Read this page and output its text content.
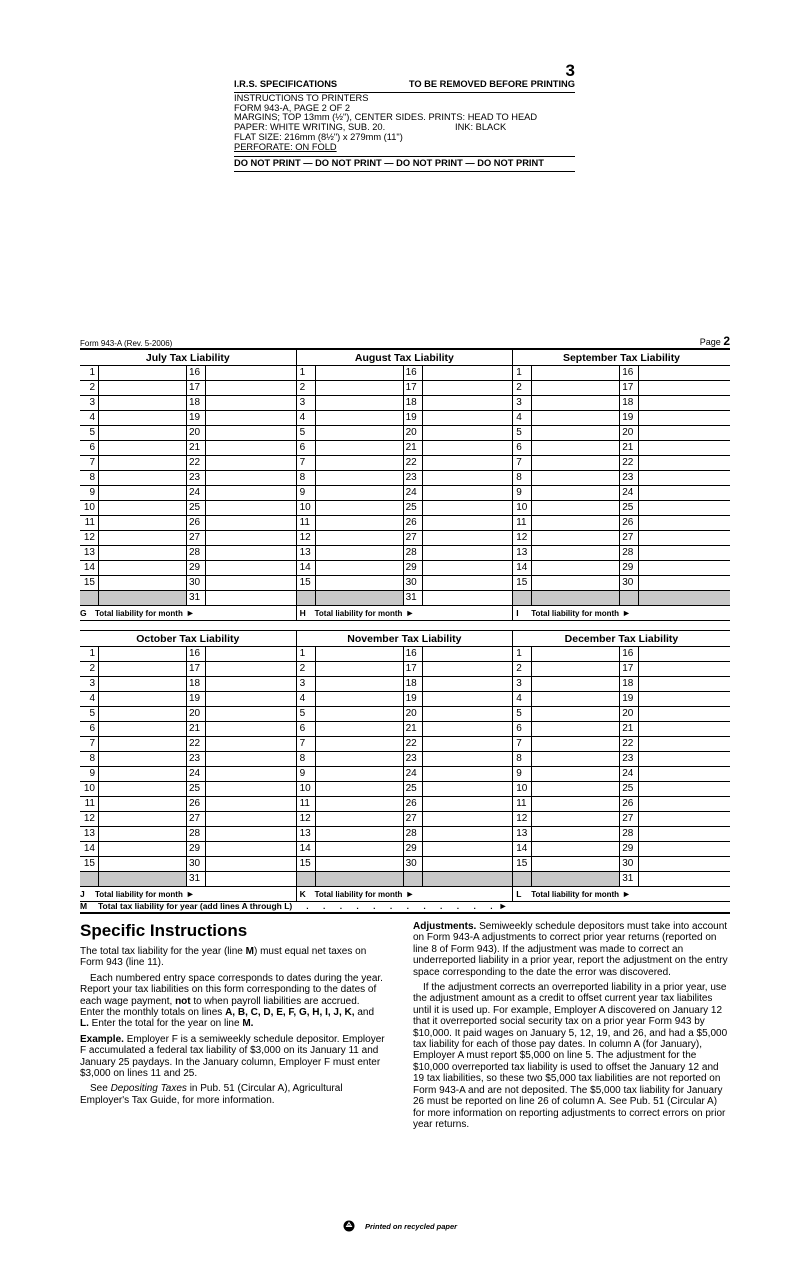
3
I.R.S. SPECIFICATIONS	TO BE REMOVED BEFORE PRINTING
INSTRUCTIONS TO PRINTERS
FORM 943-A, PAGE 2 OF 2
MARGINS; TOP 13mm (½"), CENTER SIDES. PRINTS: HEAD TO HEAD
PAPER: WHITE WRITING, SUB. 20.	INK: BLACK
FLAT SIZE: 216mm (8½") x 279mm (11")
PERFORATE: ON FOLD
DO NOT PRINT — DO NOT PRINT — DO NOT PRINT — DO NOT PRINT
Form 943-A (Rev. 5-2006)	Page 2
July Tax Liability
1	16
2	17
3	18
4	19
5	20
6	21
7	22
8	23
9	24
10	25
11	26
12	27
13	28
14	29
15	30
31
G	Total liability for month ►
August Tax Liability
1	16
2	17
3	18
4	19
5	20
6	21
7	22
8	23
9	24
10	25
11	26
12	27
13	28
14	29
15	30
31
H	Total liability for month ►
September Tax Liability
1	16
2	17
3	18
4	19
5	20
6	21
7	22
8	23
9	24
10	25
11	26
12	27
13	28
14	29
15	30
I	Total liability for month ►
October Tax Liability
1	16
2	17
3	18
4	19
5	20
6	21
7	22
8	23
9	24
10	25
11	26
12	27
13	28
14	29
15	30
31
J	Total liability for month ►
November Tax Liability
1	16
2	17
3	18
4	19
5	20
6	21
7	22
8	23
9	24
10	25
11	26
12	27
13	28
14	29
15	30
K	Total liability for month ►
December Tax Liability
1	16
2	17
3	18
4	19
5	20
6	21
7	22
8	23
9	24
10	25
11	26
12	27
13	28
14	29
15	30
31
L	Total liability for month ►
M	Total tax liability for year (add lines A through L) . . . . . . . . . . . . ►
Specific Instructions

The total tax liability for the year (line M) must equal net taxes on Form 943 (line 11).

Each numbered entry space corresponds to dates during the year. Report your tax liabilities on this form corresponding to the dates of each wage payment, not to when payroll liabilities are accrued. Enter the monthly totals on lines A, B, C, D, E, F, G, H, I, J, K, and L. Enter the total for the year on line M.

Example. Employer F is a semiweekly schedule depositor. Employer F accumulated a federal tax liability of $3,000 on its January 11 and January 25 paydays. In the January column, Employer F must enter $3,000 on lines 11 and 25.

See Depositing Taxes in Pub. 51 (Circular A), Agricultural Employer's Tax Guide, for more information.

Adjustments. Semiweekly schedule depositors must take into account on Form 943-A adjustments to correct prior year returns (reported on line 8 of Form 943). If the adjustment was made to correct an underreported liability in a prior year, report the adjustment on the entry space corresponding to the date the error was discovered.

If the adjustment corrects an overreported liability in a prior year, use the adjustment amount as a credit to offset current year tax liabilites until it is used up. For example, Employer A discovered on January 12 that it overreported social security tax on a prior year Form 943 by $10,000. It paid wages on January 5, 12, 19, and 26, and had a $5,000 tax liability for each of those pay dates. In column A (for January), Employer A must report $5,000 on line 5. The adjustment for the $10,000 overreported tax liability is used to offset the January 12 and 19 tax liabilities, so these two $5,000 tax liabilities are not reported on Form 943-A and are not deposited. The $5,000 tax liability for January 26 must be reported on line 26 of column A. See Pub. 51 (Circular A) for more information on reporting adjustments to correct errors on prior year returns.

Printed on recycled paper
